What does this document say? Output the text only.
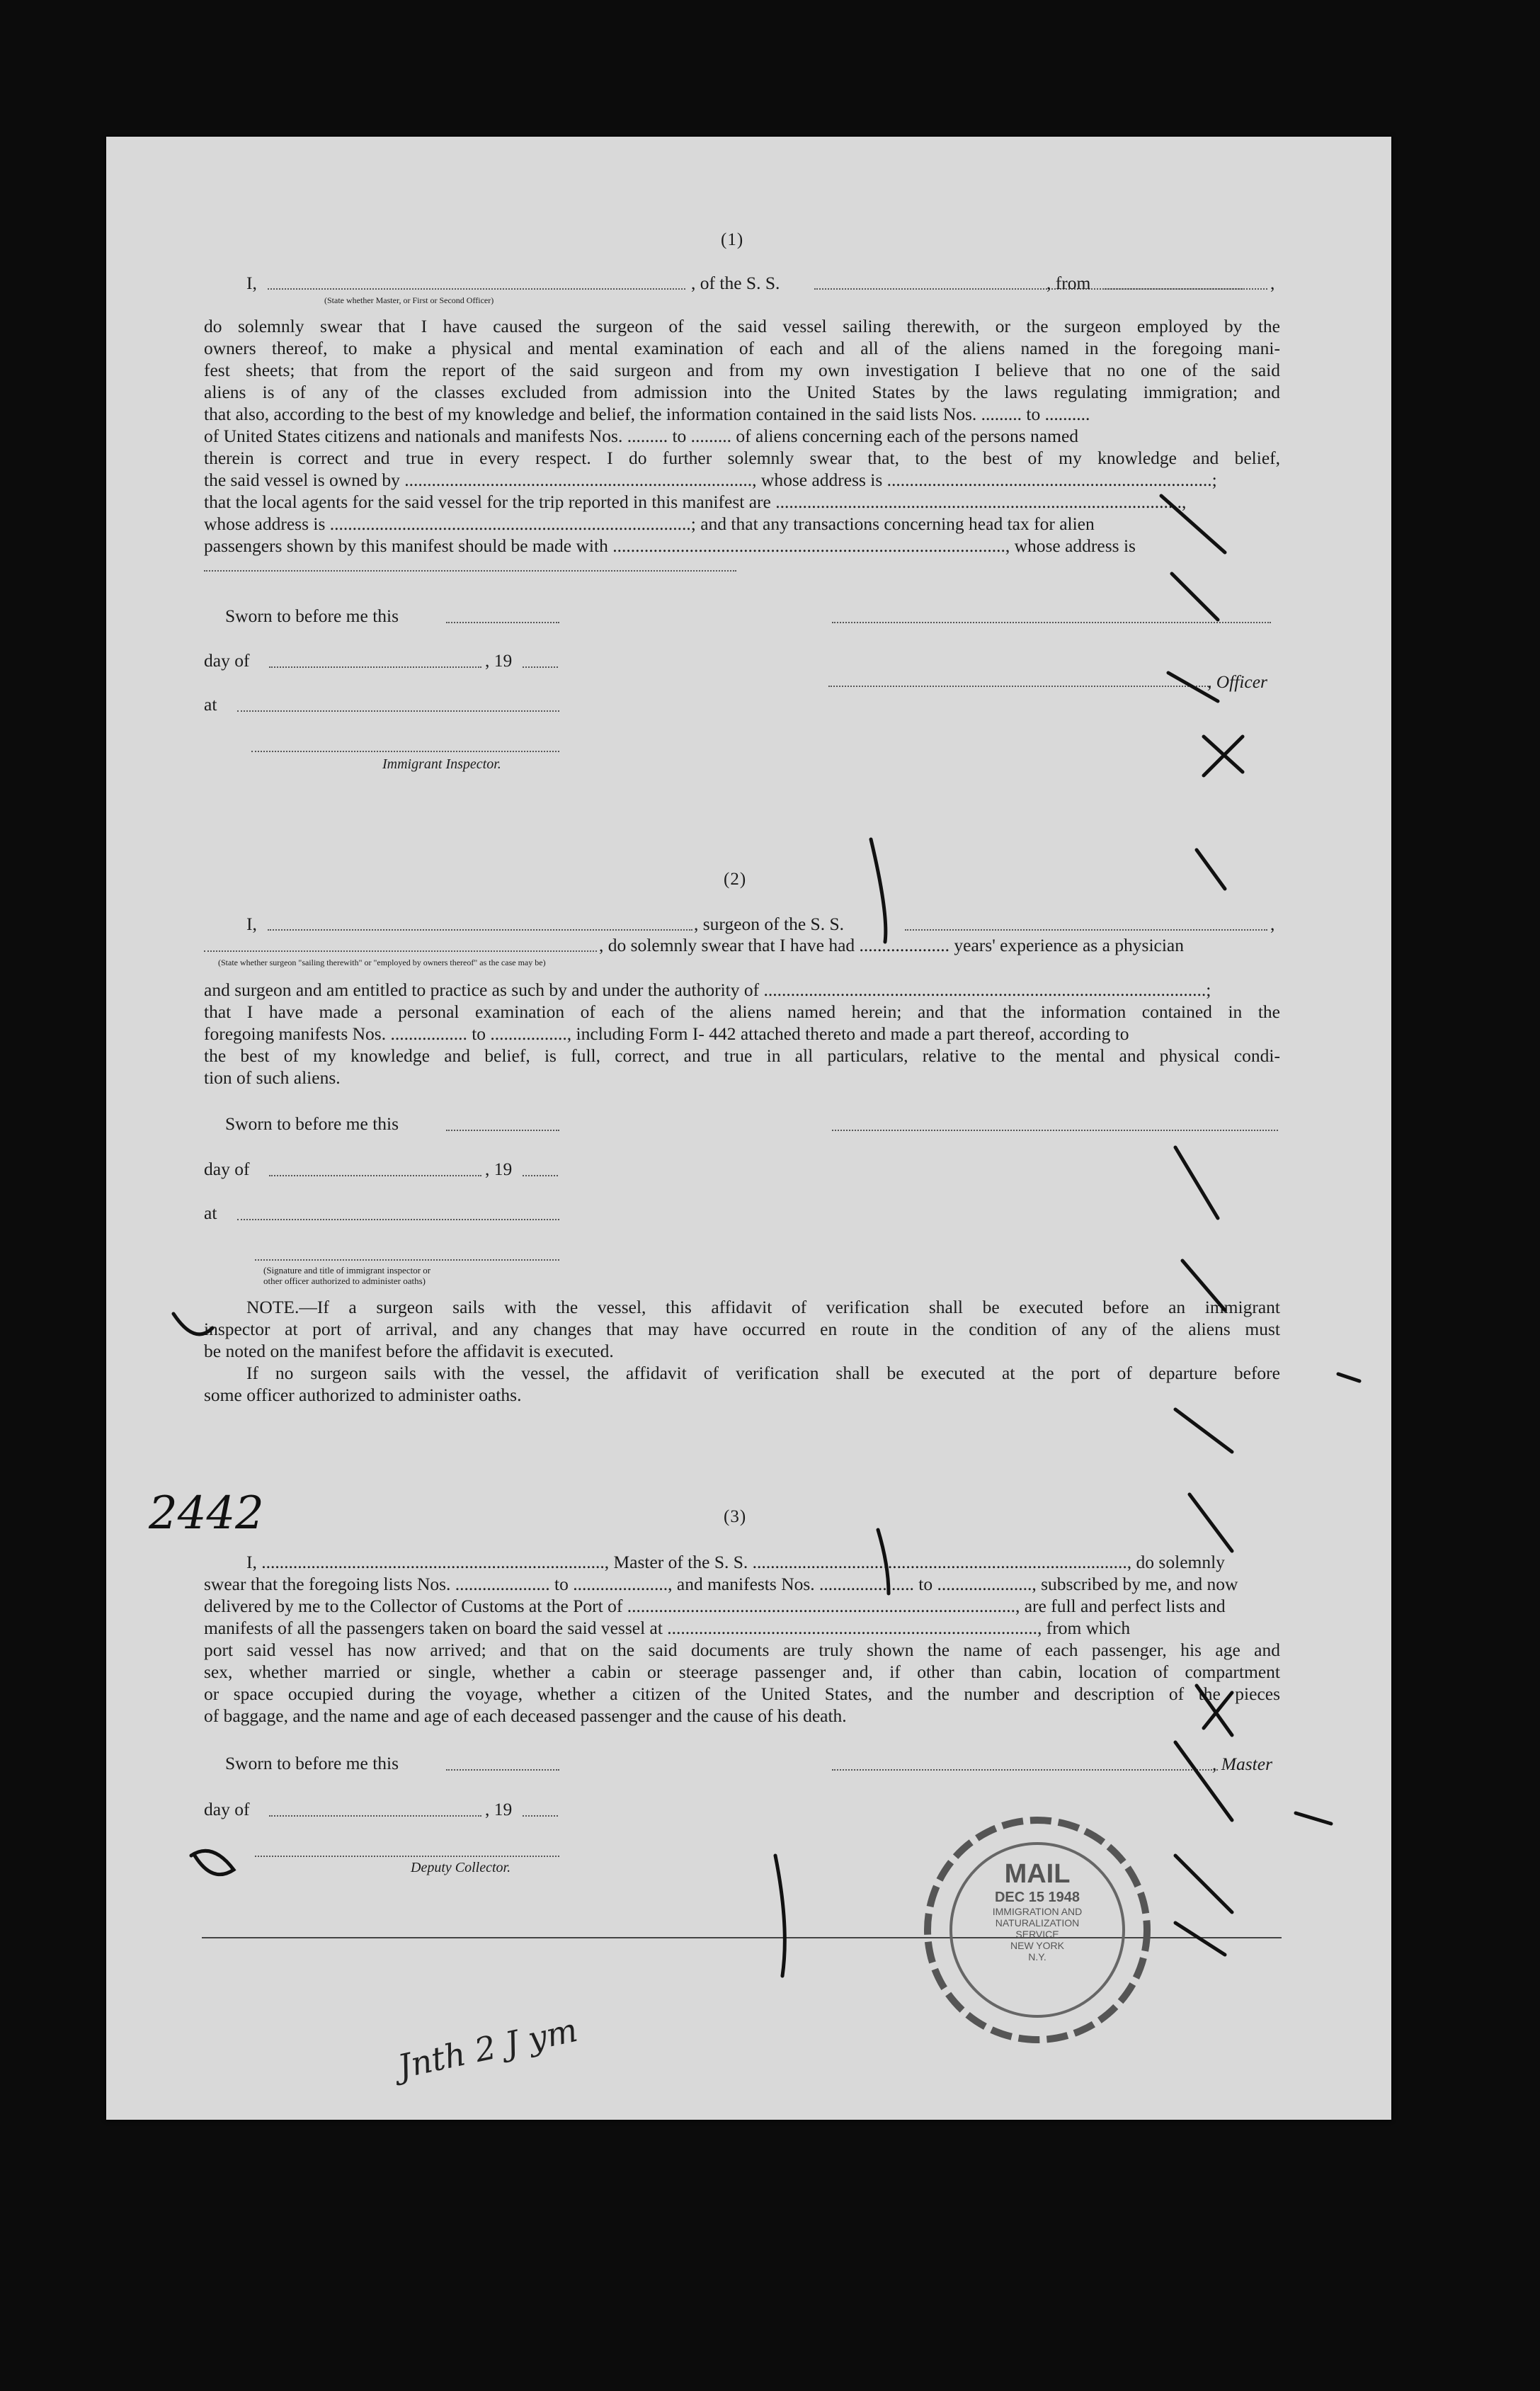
(1)
I,	, of the S. S.	, from	,
(State whether Master, or First or Second Officer)
do solemnly swear that I have caused the surgeon of the said vessel sailing therewith, or the surgeon employed by the
owners thereof, to make a physical and mental examination of each and all of the aliens named in the foregoing mani-
fest sheets; that from the report of the said surgeon and from my own investigation I believe that no one of the said
aliens is of any of the classes excluded from admission into the United States by the laws regulating immigration; and
that also, according to the best of my knowledge and belief, the information contained in the said lists Nos. ......... to ..........
of United States citizens and nationals and manifests Nos. ......... to ......... of aliens concerning each of the persons named
therein is correct and true in every respect. I do further solemnly swear that, to the best of my knowledge and belief,
the said vessel is owned by ............................................................................., whose address is ........................................................................;
that the local agents for the said vessel for the trip reported in this manifest are ..........................................................................................,
whose address is ................................................................................; and that any transactions concerning head tax for alien
passengers shown by this manifest should be made with ......................................................................................., whose address is
Sworn to before me this
day of	, 19
at
Immigrant Inspector.
, Officer
(2)
I,	, surgeon of the S. S.	,
, do solemnly swear that I have had .................... years' experience as a physician
(State whether surgeon "sailing therewith" or "employed by owners thereof" as the case may be)
and surgeon and am entitled to practice as such by and under the authority of ..................................................................................................;
that I have made a personal examination of each of the aliens named herein; and that the information contained in the
foregoing manifests Nos. ................. to ................., including Form I- 442 attached thereto and made a part thereof, according to
the best of my knowledge and belief, is full, correct, and true in all particulars, relative to the mental and physical condi-
tion of such aliens.
Sworn to before me this
day of	, 19
at
(Signature and title of immigrant inspector or
other officer authorized to administer oaths)
NOTE.—If a surgeon sails with the vessel, this affidavit of verification shall be executed before an immigrant
inspector at port of arrival, and any changes that may have occurred en route in the condition of any of the aliens must
be noted on the manifest before the affidavit is executed.
If no surgeon sails with the vessel, the affidavit of verification shall be executed at the port of departure before
some officer authorized to administer oaths.
(3)
I, ............................................................................, Master of the S. S. ..................................................................................., do solemnly
swear that the foregoing lists Nos. ..................... to ....................., and manifests Nos. ..................... to ....................., subscribed by me, and now
delivered by me to the Collector of Customs at the Port of ......................................................................................, are full and perfect lists and
manifests of all the passengers taken on board the said vessel at .................................................................................., from which
port said vessel has now arrived; and that on the said documents are truly shown the name of each passenger, his age and
sex, whether married or single, whether a cabin or steerage passenger and, if other than cabin, location of compartment
or space occupied during the voyage, whether a citizen of the United States, and the number and description of the pieces
of baggage, and the name and age of each deceased passenger and the cause of his death.
Sworn to before me this	, Master
day of	, 19
Deputy Collector.
2442
Jnth 2 J ym
MAIL
DEC 15 1948
IMMIGRATION AND
NATURALIZATION
SERVICE
NEW YORK
N.Y.
